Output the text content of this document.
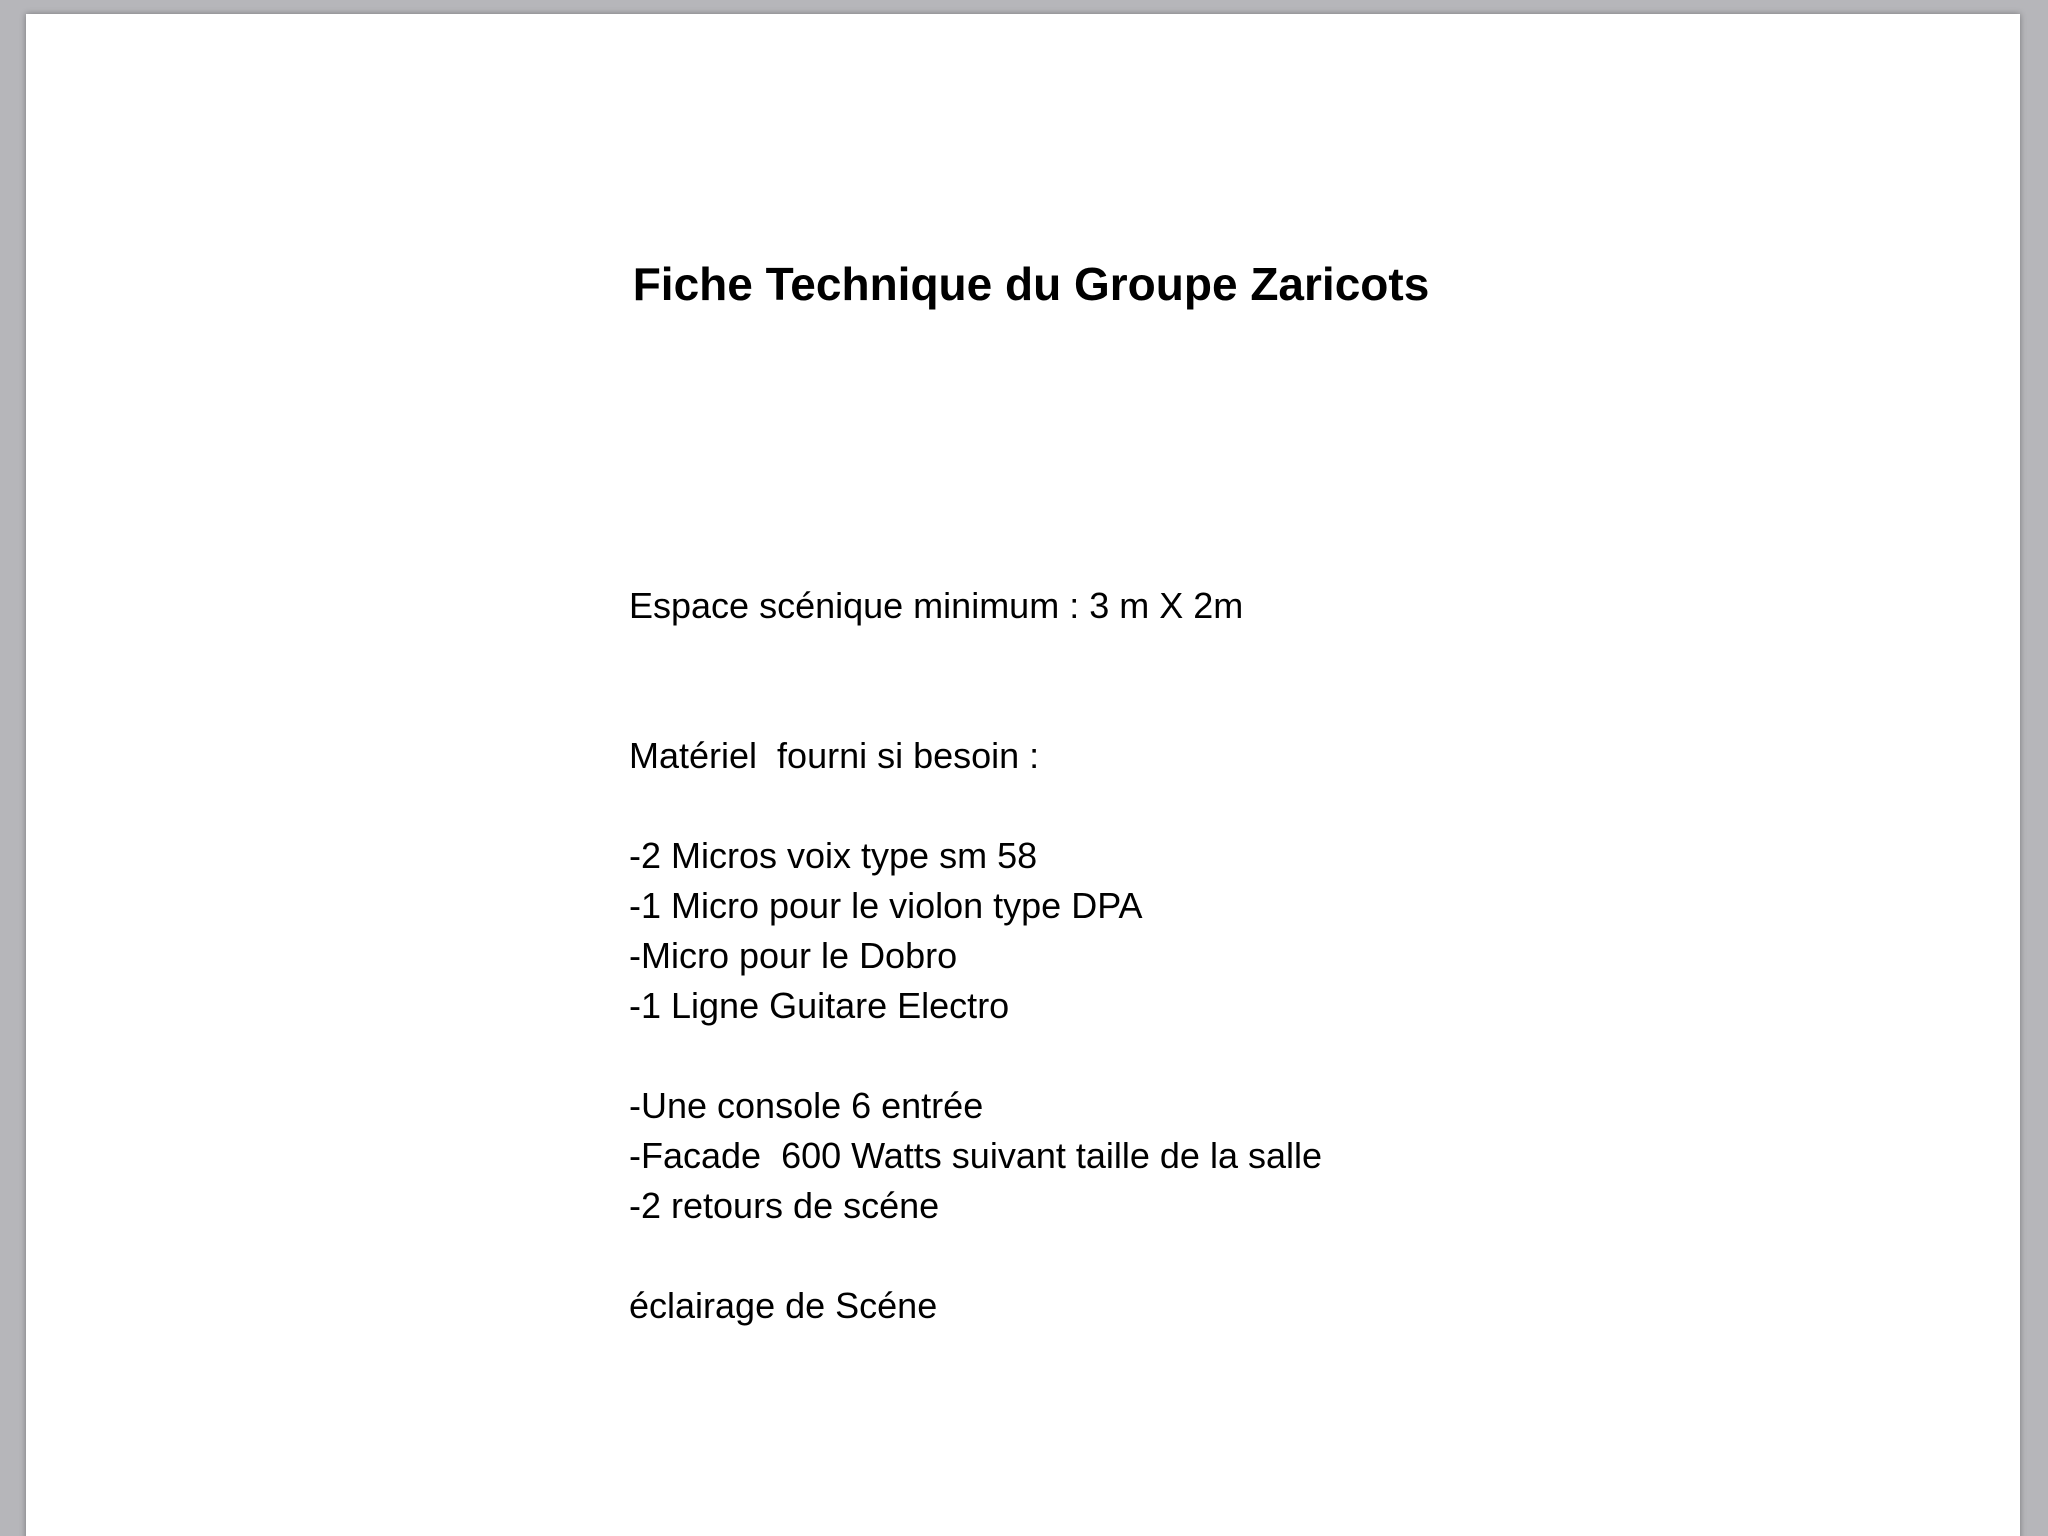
Fiche Technique du Groupe Zaricots
Espace scénique minimum : 3 m X 2m
Matériel  fourni si besoin :
-2 Micros voix type sm 58
-1 Micro pour le violon type DPA
-Micro pour le Dobro
-1 Ligne Guitare Electro
-Une console 6 entrée
-Facade  600 Watts suivant taille de la salle
-2 retours de scéne
éclairage de Scéne
